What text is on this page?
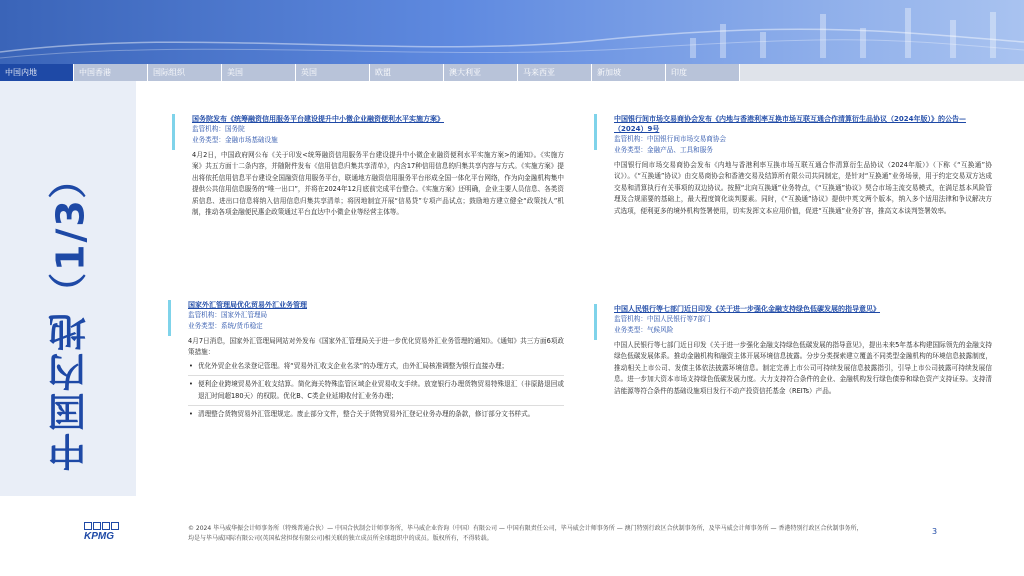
中国内地	中国香港	国际组织	美国	英国	欧盟	澳大利亚	马来西亚	新加坡	印度
中国内地（1/3）
国务院发布《统筹融资信用服务平台建设提升中小微企业融资便利水平实施方案》
监管机构：国务院
业务类型：金融市场基础设施
4月2日，中国政府网公布《关于印发<统筹融资信用服务平台建设提升中小微企业融资便利水平实施方案>的通知》。《实施方案》共五方面十二条内容，并随附件发布《信用信息归集共享清单》，内含17种信用信息的归集共享内容与方式。《实施方案》提出将依托信用信息平台建设全国融资信用服务平台，联通地方融资信用服务平台形成全国一体化平台网络，作为向金融机构集中提供公共信用信息服务的“唯一出口”，并将在2024年12月底前完成平台整合。《实施方案》还明确，企业主要人员信息、各类资质信息、进出口信息将纳入信用信息归集共享清单；将因地制宜开展“信易贷”专项产品试点；鼓励地方建立健全“政策找人”机制，推动各项金融便民惠企政策通过平台直达中小微企业等经营主体等。
中国银行间市场交易商协会发布《内地与香港利率互换市场互联互通合作清算衍生品协议（2024年版）》的公告—（2024）9号
监管机构：中国银行间市场交易商协会
业务类型：金融产品、工具和服务
中国银行间市场交易商协会发布《内地与香港利率互换市场互联互通合作清算衍生品协议（2024年版）》（下称《“互换通”协议》）。《“互换通”协议》由交易商协会和香港交易及结算所有限公司共同制定，是针对“互换通”业务场景，用于约定交易双方达成交易和清算执行有关事项的双边协议。按照“北向互换通”业务特点，《“互换通”协议》契合市场主流交易模式，在满足基本风险管理及合规需要的基础上，最大程度简化谈判要素。同时，《“互换通”协议》提供中英文两个版本，纳入多个适用法律和争议解决方式选项，便利更多的境外机构签署使用，切实发挥文本应用价值，促进“互换通”业务扩容，推高文本谈判签署效率。
国家外汇管理局优化贸易外汇业务管理
监管机构：国家外汇管理局
业务类型：系统/货币稳定
4月7日消息，国家外汇管理局网站对外发布《国家外汇管理局关于进一步优化贸易外汇业务管理的通知》。《通知》共三方面6项政策措施：
• 优化外贸企业名录登记管理。将“贸易外汇收支企业名录”的办理方式，由外汇局核准调整为银行直接办理；
• 便利企业跨境贸易外汇收支结算。简化海关特殊监管区域企业贸易收支手续。放宽银行办理货物贸易特殊退汇（非原路退回或退汇时间超180天）的权限。优化B、C类企业延期收付汇业务办理；
• 清理整合货物贸易外汇管理规定。废止部分文件，整合关于货物贸易外汇登记业务办理的条款，修订部分文书样式。
中国人民银行等七部门近日印发《关于进一步强化金融支持绿色低碳发展的指导意见》
监管机构：中国人民银行等7部门
业务类型：气候风险
中国人民银行等七部门近日印发《关于进一步强化金融支持绿色低碳发展的指导意见》，提出未来5年基本构建国际领先的金融支持绿色低碳发展体系。推动金融机构和融资主体开展环境信息披露。分步分类探索建立覆盖不同类型金融机构的环境信息披露制度，推动相关上市公司、发债主体依法披露环境信息。制定完善上市公司可持续发展信息披露指引，引导上市公司披露可持续发展信息。进一步加大资本市场支持绿色低碳发展力度。大力支持符合条件的企业、金融机构发行绿色债券和绿色资产支持证券。支持清洁能源等符合条件的基础设施项目发行不动产投资信托基金（REITs）产品。
KPMG
© 2024 毕马威华振会计师事务所（特殊普通合伙）— 中国合伙制会计师事务所，毕马威企业咨询（中国）有限公司 — 中国有限责任公司，毕马威会计师事务所 — 澳门特别行政区合伙制事务所，及毕马威会计师事务所 — 香港特别行政区合伙制事务所，均是与毕马威国际有限公司(英国私营担保有限公司)相关联的独立成员所全球组织中的成员。版权所有，不得转载。
3
